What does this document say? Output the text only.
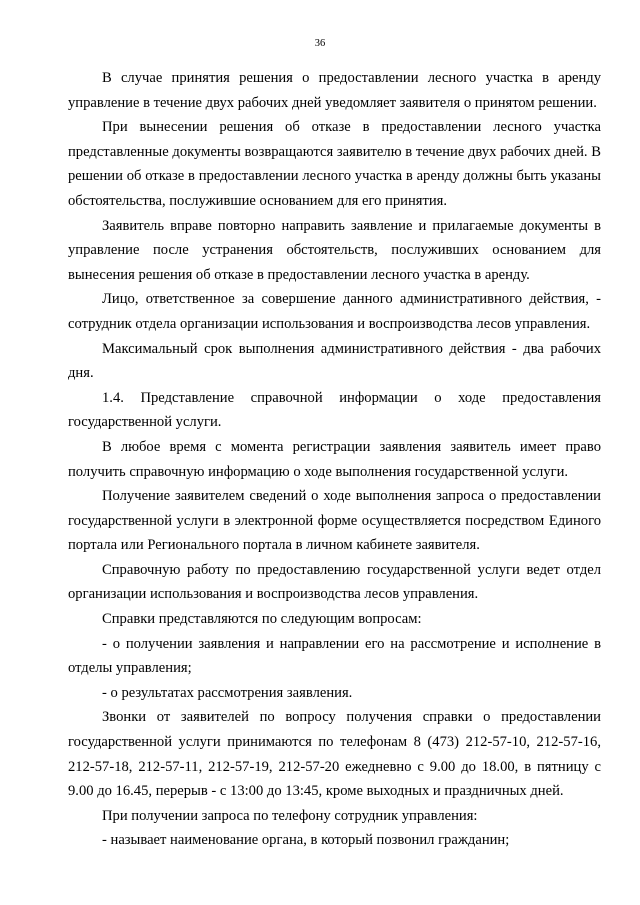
36

В случае принятия решения о предоставлении лесного участка в аренду управление в течение двух рабочих дней уведомляет заявителя о принятом решении.

При вынесении решения об отказе в предоставлении лесного участка представленные документы возвращаются заявителю в течение двух рабочих дней. В решении об отказе в предоставлении лесного участка в аренду должны быть указаны обстоятельства, послужившие основанием для его принятия.

Заявитель вправе повторно направить заявление и прилагаемые документы в управление после устранения обстоятельств, послуживших основанием для вынесения решения об отказе в предоставлении лесного участка в аренду.

Лицо, ответственное за совершение данного административного действия, - сотрудник отдела организации использования и воспроизводства лесов управления.

Максимальный срок выполнения административного действия - два рабочих дня.

1.4. Представление справочной информации о ходе предоставления государственной услуги.

В любое время с момента регистрации заявления заявитель имеет право получить справочную информацию о ходе выполнения государственной услуги.

Получение заявителем сведений о ходе выполнения запроса о предоставлении государственной услуги в электронной форме осуществляется посредством Единого портала или Регионального портала в личном кабинете заявителя.

Справочную работу по предоставлению государственной услуги ведет отдел организации использования и воспроизводства лесов управления.

Справки представляются по следующим вопросам:

- о получении заявления и направлении его на рассмотрение и исполнение в отделы управления;

- о результатах рассмотрения заявления.

Звонки от заявителей по вопросу получения справки о предоставлении государственной услуги принимаются по телефонам 8 (473) 212-57-10, 212-57-16, 212-57-18, 212-57-11, 212-57-19, 212-57-20 ежедневно с 9.00 до 18.00, в пятницу с 9.00 до 16.45, перерыв - с 13:00 до 13:45, кроме выходных и праздничных дней.

При получении запроса по телефону сотрудник управления:

- называет наименование органа, в который позвонил гражданин;
